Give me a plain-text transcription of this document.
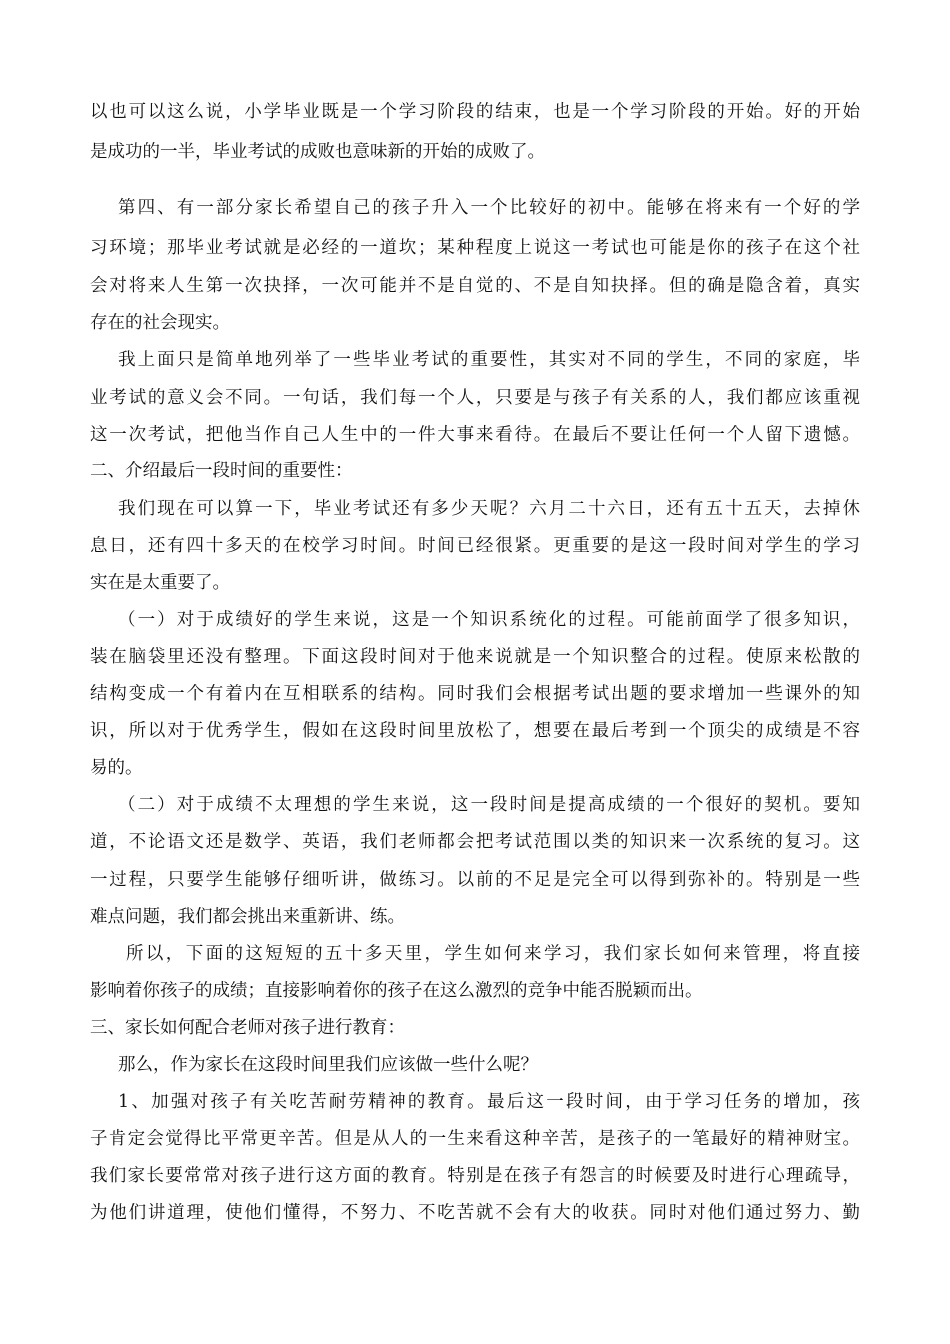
以也可以这么说，小学毕业既是一个学习阶段的结束，也是一个学习阶段的开始。好的开始
是成功的一半，毕业考试的成败也意味新的开始的成败了。
第四、有一部分家长希望自己的孩子升入一个比较好的初中。能够在将来有一个好的学
习环境；那毕业考试就是必经的一道坎；某种程度上说这一考试也可能是你的孩子在这个社
会对将来人生第一次抉择，一次可能并不是自觉的、不是自知抉择。但的确是隐含着，真实
存在的社会现实。
我上面只是简单地列举了一些毕业考试的重要性，其实对不同的学生，不同的家庭，毕
业考试的意义会不同。一句话，我们每一个人，只要是与孩子有关系的人，我们都应该重视
这一次考试，把他当作自己人生中的一件大事来看待。在最后不要让任何一个人留下遗憾。
二、介绍最后一段时间的重要性：
我们现在可以算一下，毕业考试还有多少天呢？六月二十六日，还有五十五天，去掉休
息日，还有四十多天的在校学习时间。时间已经很紧。更重要的是这一段时间对学生的学习
实在是太重要了。
（一）对于成绩好的学生来说，这是一个知识系统化的过程。可能前面学了很多知识，
装在脑袋里还没有整理。下面这段时间对于他来说就是一个知识整合的过程。使原来松散的
结构变成一个有着内在互相联系的结构。同时我们会根据考试出题的要求增加一些课外的知
识，所以对于优秀学生，假如在这段时间里放松了，想要在最后考到一个顶尖的成绩是不容
易的。
（二）对于成绩不太理想的学生来说，这一段时间是提高成绩的一个很好的契机。要知
道，不论语文还是数学、英语，我们老师都会把考试范围以类的知识来一次系统的复习。这
一过程，只要学生能够仔细听讲，做练习。以前的不足是完全可以得到弥补的。特别是一些
难点问题，我们都会挑出来重新讲、练。
所以，下面的这短短的五十多天里，学生如何来学习，我们家长如何来管理，将直接
影响着你孩子的成绩；直接影响着你的孩子在这么激烈的竞争中能否脱颖而出。
三、家长如何配合老师对孩子进行教育：
那么，作为家长在这段时间里我们应该做一些什么呢？
1、加强对孩子有关吃苦耐劳精神的教育。最后这一段时间，由于学习任务的增加，孩
子肯定会觉得比平常更辛苦。但是从人的一生来看这种辛苦，是孩子的一笔最好的精神财宝。
我们家长要常常对孩子进行这方面的教育。特别是在孩子有怨言的时候要及时进行心理疏导，
为他们讲道理，使他们懂得，不努力、不吃苦就不会有大的收获。同时对他们通过努力、勤
